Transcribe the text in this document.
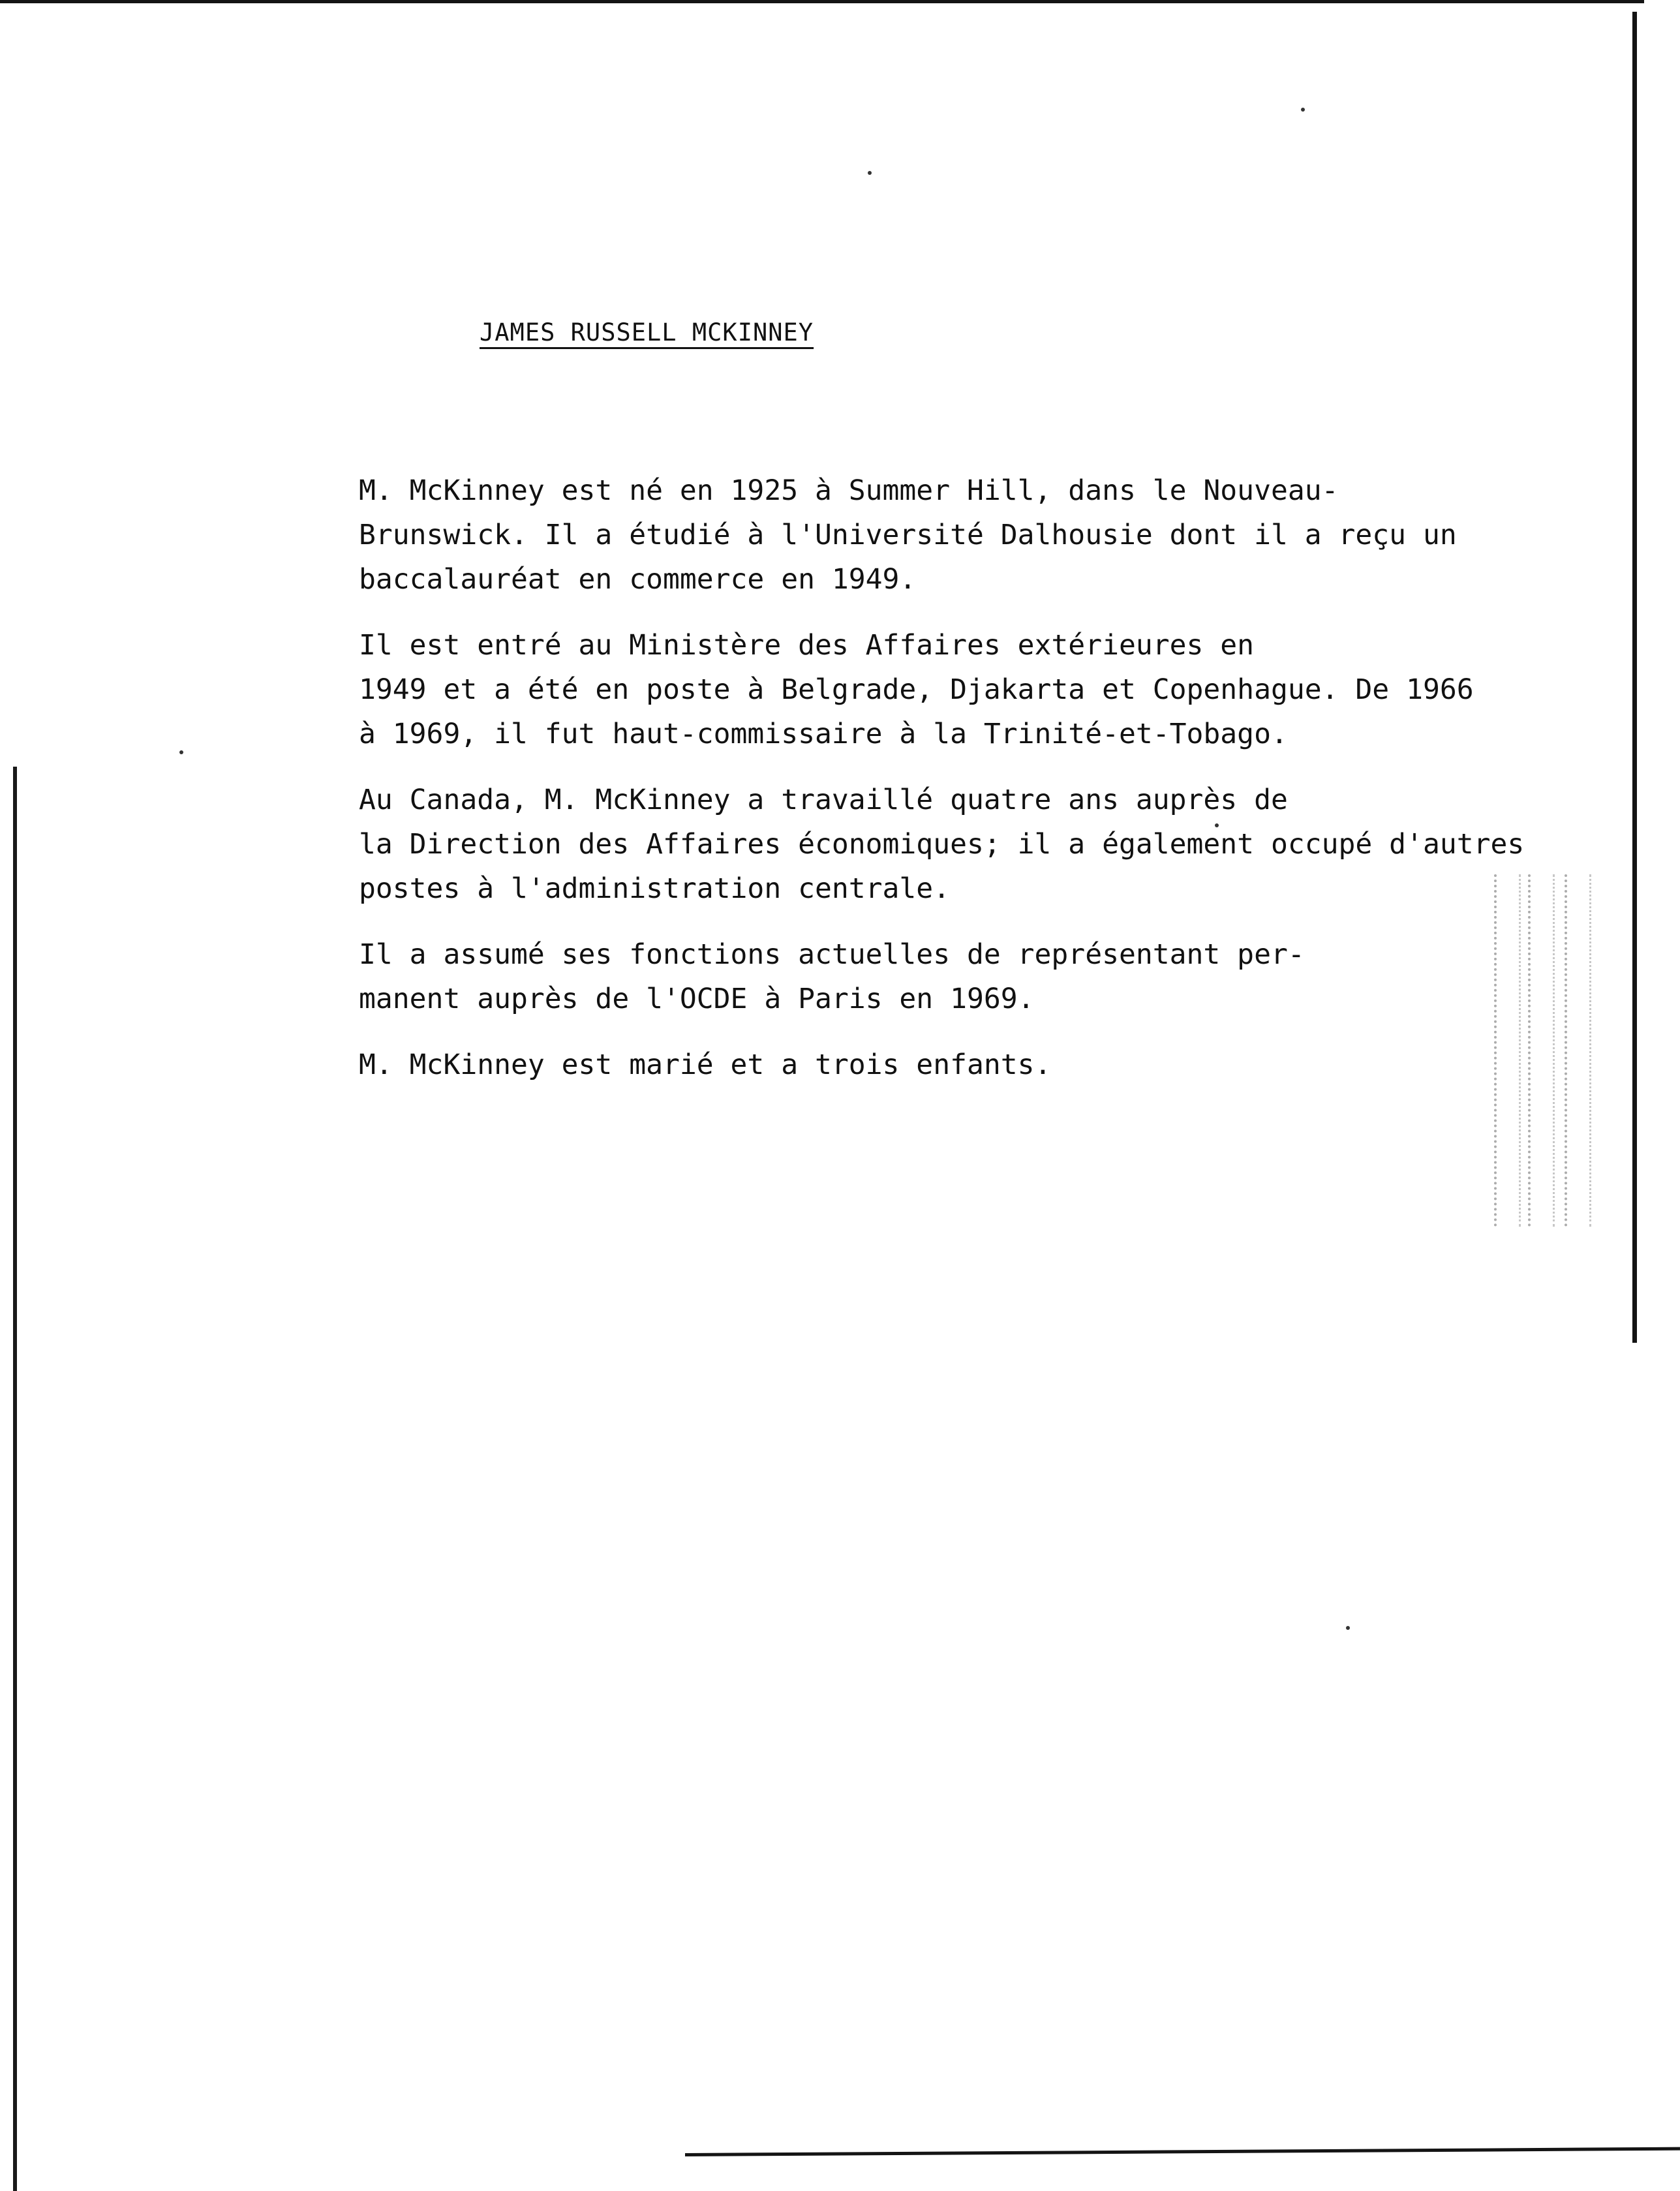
JAMES RUSSELL MCKINNEY

M. McKinney est né en 1925 à Summer Hill, dans le Nouveau-
Brunswick. Il a étudié à l'Université Dalhousie dont il a reçu un
baccalauréat en commerce en 1949.

Il est entré au Ministère des Affaires extérieures en
1949 et a été en poste à Belgrade, Djakarta et Copenhague. De 1966
à 1969, il fut haut-commissaire à la Trinité-et-Tobago.

Au Canada, M. McKinney a travaillé quatre ans auprès de
la Direction des Affaires économiques; il a également occupé d'autres
postes à l'administration centrale.

Il a assumé ses fonctions actuelles de représentant per-
manent auprès de l'OCDE à Paris en 1969.

M. McKinney est marié et a trois enfants.
